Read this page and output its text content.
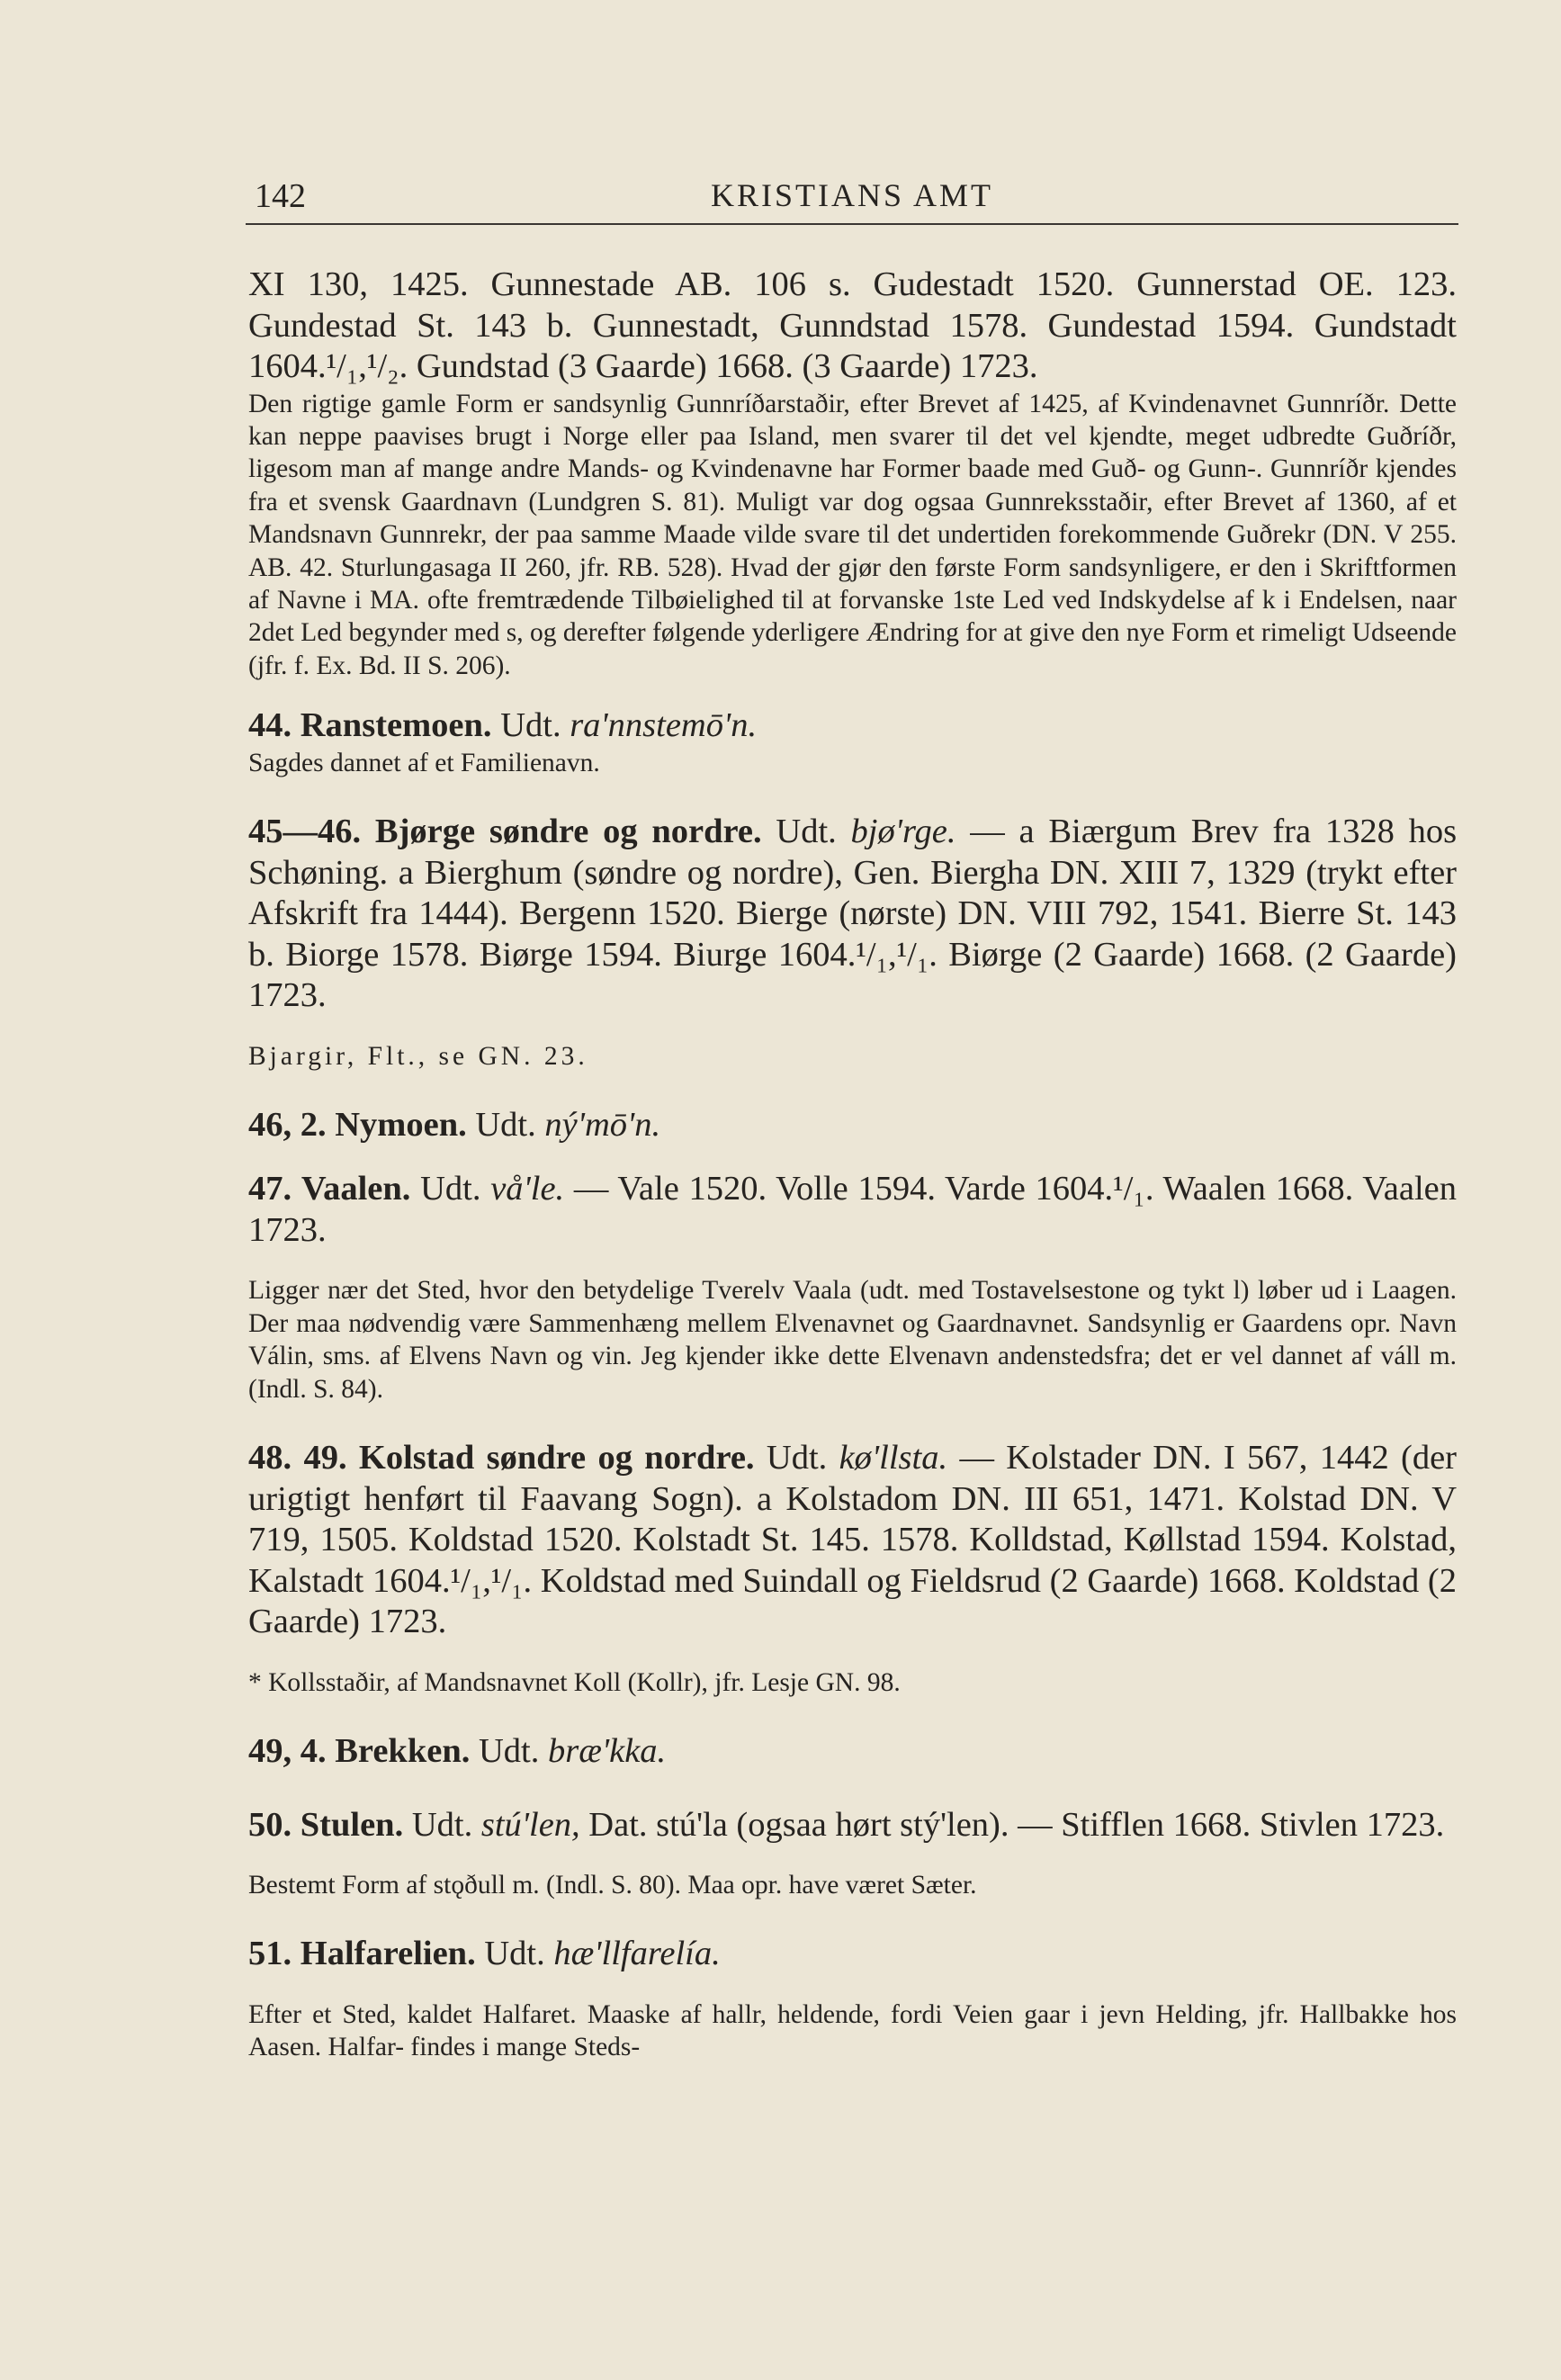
142	KRISTIANS AMT

XI 130, 1425. Gunnestade AB. 106 s. Gudestadt 1520. Gunnerstad OE. 123. Gundestad St. 143 b. Gunnestadt, Gunndstad 1578. Gundestad 1594. Gundstadt 1604.¹/₁,¹/₂. Gundstad (3 Gaarde) 1668. (3 Gaarde) 1723.

Den rigtige gamle Form er sandsynlig Gunnríðarstaðir, efter Brevet af 1425, af Kvindenavnet Gunnríðr. Dette kan neppe paavises brugt i Norge eller paa Island, men svarer til det vel kjendte, meget udbredte Guðríðr, ligesom man af mange andre Mands- og Kvindenavne har Former baade med Guð- og Gunn-. Gunnríðr kjendes fra et svensk Gaardnavn (Lundgren S. 81). Muligt var dog ogsaa Gunnreksstaðir, efter Brevet af 1360, af et Mandsnavn Gunnrekr, der paa samme Maade vilde svare til det undertiden forekommende Guðrekr (DN. V 255. AB. 42. Sturlungasaga II 260, jfr. RB. 528). Hvad der gjør den første Form sandsynligere, er den i Skriftformen af Navne i MA. ofte fremtrædende Tilbøielighed til at forvanske 1ste Led ved Indskydelse af k i Endelsen, naar 2det Led begynder med s, og derefter følgende yderligere Ændring for at give den nye Form et rimeligt Udseende (jfr. f. Ex. Bd. II S. 206).

44. Ranstemoen. Udt. ra'nnstemō'n.

Sagdes dannet af et Familienavn.

45—46. Bjørge søndre og nordre. Udt. bjø'rge. — a Biærgum Brev fra 1328 hos Schøning. a Bierghum (søndre og nordre), Gen. Biergha DN. XIII 7, 1329 (trykt efter Afskrift fra 1444). Bergenn 1520. Bierge (nørste) DN. VIII 792, 1541. Bierre St. 143 b. Biorge 1578. Biørge 1594. Biurge 1604.¹/₁,¹/₁. Biørge (2 Gaarde) 1668. (2 Gaarde) 1723.

Bjargir, Flt., se GN. 23.

46, 2. Nymoen. Udt. ný'mō'n.

47. Vaalen. Udt. vå'le. — Vale 1520. Volle 1594. Varde 1604.¹/₁. Waalen 1668. Vaalen 1723.

Ligger nær det Sted, hvor den betydelige Tverelv Vaala (udt. med Tostavelsestone og tykt l) løber ud i Laagen. Der maa nødvendig være Sammenhæng mellem Elvenavnet og Gaardnavnet. Sandsynlig er Gaardens opr. Navn Válin, sms. af Elvens Navn og vin. Jeg kjender ikke dette Elvenavn andenstedsfra; det er vel dannet af váll m. (Indl. S. 84).

48. 49. Kolstad søndre og nordre. Udt. kø'llsta. — Kolstader DN. I 567, 1442 (der urigtigt henført til Faavang Sogn). a Kolstadom DN. III 651, 1471. Kolstad DN. V 719, 1505. Koldstad 1520. Kolstadt St. 145. 1578. Kolldstad, Køllstad 1594. Kolstad, Kalstadt 1604.¹/₁,¹/₁. Koldstad med Suindall og Fieldsrud (2 Gaarde) 1668. Koldstad (2 Gaarde) 1723.

* Kollsstaðir, af Mandsnavnet Koll (Kollr), jfr. Lesje GN. 98.

49, 4. Brekken. Udt. bræ'kka.

50. Stulen. Udt. stú'len, Dat. stú'la (ogsaa hørt stý'len). — Stifflen 1668. Stivlen 1723.

Bestemt Form af stǫðull m. (Indl. S. 80). Maa opr. have været Sæter.

51. Halfarelien. Udt. hæ'llfarelía.

Efter et Sted, kaldet Halfaret. Maaske af hallr, heldende, fordi Veien gaar i jevn Helding, jfr. Hallbakke hos Aasen. Halfar- findes i mange Steds-
